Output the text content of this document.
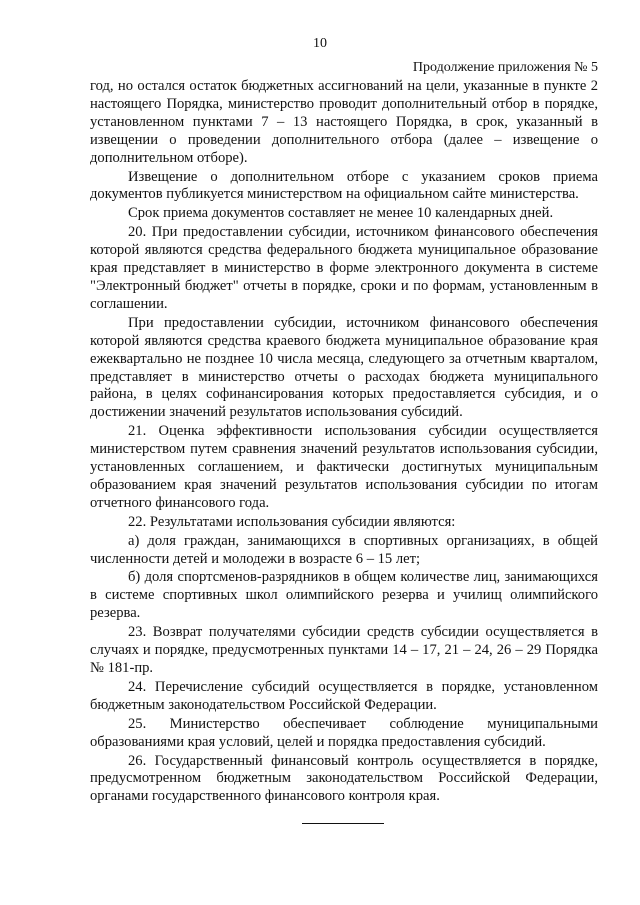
10
Продолжение приложения № 5

год, но остался остаток бюджетных ассигнований на цели, указанные в пункте 2 настоящего Порядка, министерство проводит дополнительный отбор в порядке, установленном пунктами 7 – 13 настоящего Порядка, в срок, указанный в извещении о проведении дополнительного отбора (далее – извещение о дополнительном отборе).

Извещение о дополнительном отборе с указанием сроков приема документов публикуется министерством на официальном сайте министерства.

Срок приема документов составляет не менее 10 календарных дней.

20. При предоставлении субсидии, источником финансового обеспечения которой являются средства федерального бюджета муниципальное образование края представляет в министерство в форме электронного документа в системе "Электронный бюджет" отчеты в порядке, сроки и по формам, установленным в соглашении.

При предоставлении субсидии, источником финансового обеспечения которой являются средства краевого бюджета муниципальное образование края ежеквартально не позднее 10 числа месяца, следующего за отчетным кварталом, представляет в министерство отчеты о расходах бюджета муниципального района, в целях софинансирования которых предоставляется субсидия, и о достижении значений результатов использования субсидий.

21. Оценка эффективности использования субсидии осуществляется министерством путем сравнения значений результатов использования субсидии, установленных соглашением, и фактически достигнутых муниципальным образованием края значений результатов использования субсидии по итогам отчетного финансового года.

22. Результатами использования субсидии являются:

а) доля граждан, занимающихся в спортивных организациях, в общей численности детей и молодежи в возрасте 6 – 15 лет;

б) доля спортсменов-разрядников в общем количестве лиц, занимающихся в системе спортивных школ олимпийского резерва и училищ олимпийского резерва.

23. Возврат получателями субсидии средств субсидии осуществляется в случаях и порядке, предусмотренных пунктами 14 – 17, 21 – 24, 26 – 29 Порядка № 181-пр.

24. Перечисление субсидий осуществляется в порядке, установленном бюджетным законодательством Российской Федерации.

25. Министерство обеспечивает соблюдение муниципальными образованиями края условий, целей и порядка предоставления субсидий.

26. Государственный финансовый контроль осуществляется в порядке, предусмотренном бюджетным законодательством Российской Федерации, органами государственного финансового контроля края.
